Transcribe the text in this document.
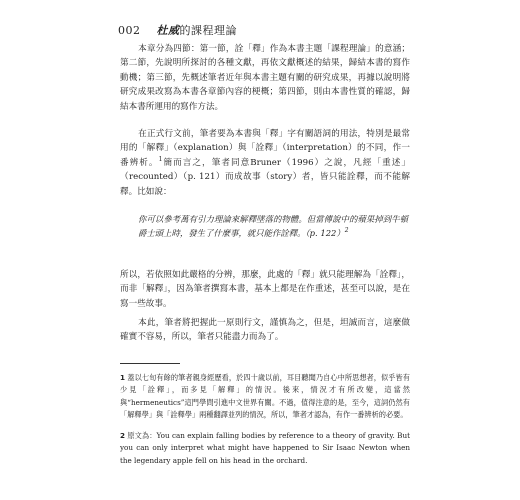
002 杜威的課程理論
本章分為四節：第一節，詮「釋」作為本書主題「課程理論」的意涵；第二節，先說明所探討的各種文獻，再依文獻概述的結果，歸結本書的寫作動機；第三節，先概述筆者近年與本書主題有關的研究成果，再據以說明將研究成果改寫為本書各章節內容的梗概；第四節，則由本書性質的確認，歸結本書所運用的寫作方法。
在正式行文前，筆者要為本書與「釋」字有關語詞的用法，特別是最常用的「解釋」（explanation）與「詮釋」（interpretation）的不同，作一番辨析。$^1$簡而言之，筆者同意Bruner（1996）之說，凡經「重述」（recounted）（p. 121）而成故事（story）者，皆只能詮釋，而不能解釋。比如說：
你可以參考萬有引力理論來解釋墜落的物體。但當傳說中的蘋果掉到牛頓爵士頭上時，發生了什麼事，就只能作詮釋。（p. 122）$^2$
所以，若依照如此嚴格的分辨，那麼，此處的「釋」就只能理解為「詮釋」，而非「解釋」，因為筆者撰寫本書，基本上都是在作重述，甚至可以說，是在寫一些故事。
本此，筆者將把握此一原則行文，謹慎為之，但是，坦誠而言，這麼做確實不容易，所以，筆者只能盡力而為了。
1 蓋以七旬有餘的筆者親身經歷看，於四十歲以前，耳目聽聞乃自心中所思想者，似乎皆有少見「詮釋」，而多見「解釋」的情況。後來，情況才有所改變，這當然與“hermeneutics”這門學問引進中文世界有關。不過，值得注意的是，至今，這詞仍然有「解釋學」與「詮釋學」兩種翻譯並列的情況，所以，筆者才認為，有作一番辨析的必要。
2 原文為：You can explain falling bodies by reference to a theory of gravity. But you can only interpret what might have happened to Sir Isaac Newton when the legendary apple fell on his head in the orchard.
